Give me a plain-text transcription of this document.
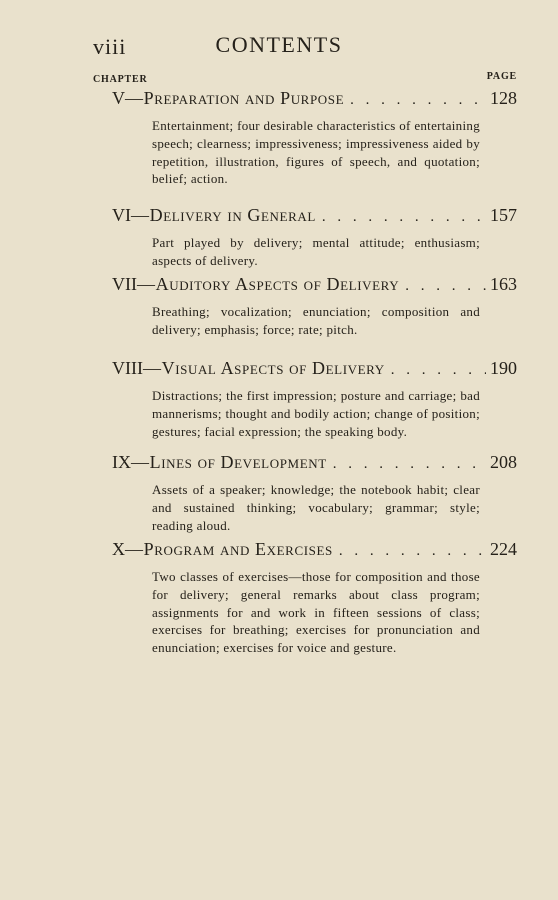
viii	CONTENTS
CHAPTER	PAGE
V —Preparation and Purpose . . .	128
Entertainment; four desirable characteristics of entertaining speech; clearness; impressiveness; impressiveness aided by repetition, illustration, figures of speech, and quotation; belief; action.
VI —Delivery in General . . .	157
Part played by delivery; mental attitude; enthusiasm; aspects of delivery.
VII —Auditory Aspects of Delivery . . .	163
Breathing; vocalization; enunciation; composition and delivery; emphasis; force; rate; pitch.
VIII —Visual Aspects of Delivery . . .	190
Distractions; the first impression; posture and carriage; bad mannerisms; thought and bodily action; change of position; gestures; facial expression; the speaking body.
IX —Lines of Development . . .	208
Assets of a speaker; knowledge; the notebook habit; clear and sustained thinking; vocabulary; grammar; style; reading aloud.
X —Program and Exercises . . .	224
Two classes of exercises—those for composition and those for delivery; general remarks about class program; assignments for and work in fifteen sessions of class; exercises for breathing; exercises for pronunciation and enunciation; exercises for voice and gesture.
